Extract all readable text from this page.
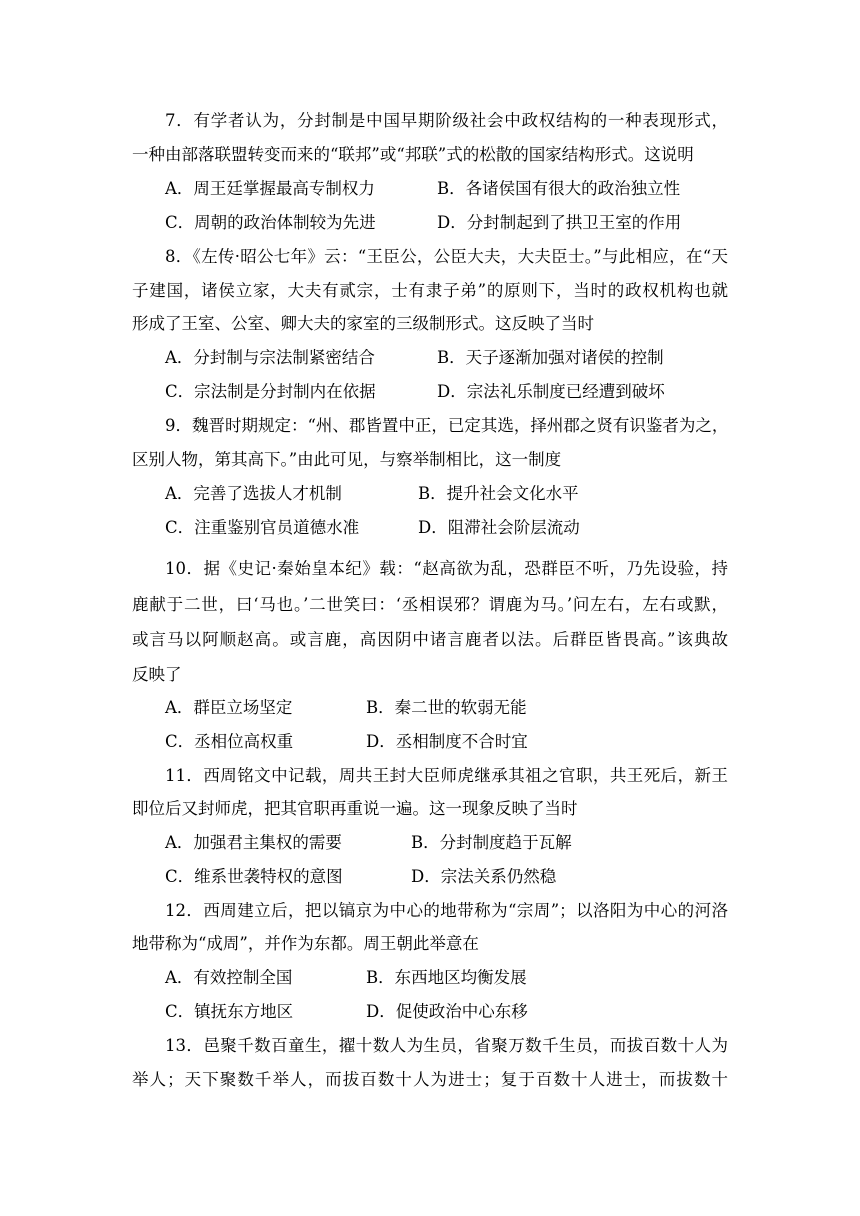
7．有学者认为，分封制是中国早期阶级社会中政权结构的一种表现形式，
一种由部落联盟转变而来的“联邦”或“邦联”式的松散的国家结构形式。这说明
A．周王廷掌握最高专制权力	B．各诸侯国有很大的政治独立性
C．周朝的政治体制较为先进	D．分封制起到了拱卫王室的作用
8．《左传·昭公七年》云：“王臣公，公臣大夫，大夫臣士。”与此相应，在“天
子建国，诸侯立家，大夫有贰宗，士有隶子弟”的原则下，当时的政权机构也就
形成了王室、公室、卿大夫的家室的三级制形式。这反映了当时
A．分封制与宗法制紧密结合	B．天子逐渐加强对诸侯的控制
C．宗法制是分封制内在依据	D．宗法礼乐制度已经遭到破坏
9．魏晋时期规定：“州、郡皆置中正，已定其选，择州郡之贤有识鉴者为之，
区别人物，第其高下。”由此可见，与察举制相比，这一制度
A．完善了选拔人才机制	B．提升社会文化水平
C．注重鉴别官员道德水准	D．阻滞社会阶层流动
10．据《史记·秦始皇本纪》载：“赵高欲为乱，恐群臣不听，乃先设验，持
鹿献于二世，曰‘马也。’二世笑曰：‘丞相误邪？谓鹿为马。’问左右，左右或默，
或言马以阿顺赵高。或言鹿，高因阴中诸言鹿者以法。后群臣皆畏高。”该典故
反映了
A．群臣立场坚定	B．秦二世的软弱无能
C．丞相位高权重	D．丞相制度不合时宜
11．西周铭文中记载，周共王封大臣师虎继承其祖之官职，共王死后，新王
即位后又封师虎，把其官职再重说一遍。这一现象反映了当时
A．加强君主集权的需要	B．分封制度趋于瓦解
C．维系世袭特权的意图	D．宗法关系仍然稳
12．西周建立后，把以镐京为中心的地带称为“宗周”；以洛阳为中心的河洛
地带称为“成周”，并作为东都。周王朝此举意在
A．有效控制全国	B．东西地区均衡发展
C．镇抚东方地区	D．促使政治中心东移
13．邑聚千数百童生，擢十数人为生员，省聚万数千生员，而拔百数十人为
举人；天下聚数千举人，而拔百数十人为进士；复于百数十人进士，而拔数十
